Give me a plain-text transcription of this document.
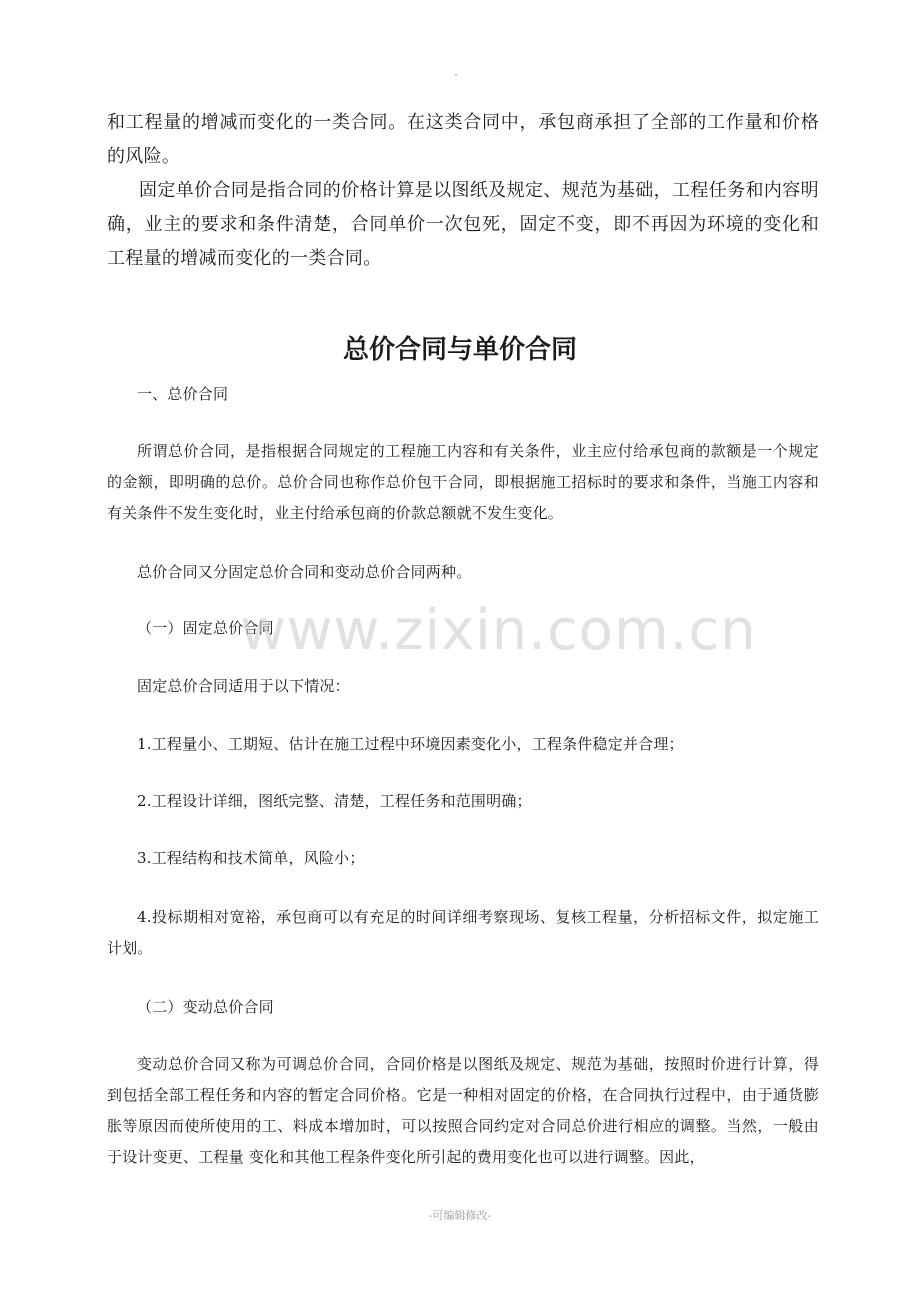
和工程量的增减而变化的一类合同。在这类合同中，承包商承担了全部的工作量和价格的风险。

固定单价合同是指合同的价格计算是以图纸及规定、规范为基础，工程任务和内容明确，业主的要求和条件清楚，合同单价一次包死，固定不变，即不再因为环境的变化和工程量的增减而变化的一类合同。

总价合同与单价合同

一、总价合同

所谓总价合同，是指根据合同规定的工程施工内容和有关条件，业主应付给承包商的款额是一个规定的金额，即明确的总价。总价合同也称作总价包干合同，即根据施工招标时的要求和条件，当施工内容和有关条件不发生变化时，业主付给承包商的价款总额就不发生变化。

总价合同又分固定总价合同和变动总价合同两种。

（一）固定总价合同

固定总价合同适用于以下情况：

1.工程量小、工期短、估计在施工过程中环境因素变化小，工程条件稳定并合理；

2.工程设计详细，图纸完整、清楚，工程任务和范围明确；

3.工程结构和技术简单，风险小；

4.投标期相对宽裕，承包商可以有充足的时间详细考察现场、复核工程量，分析招标文件，拟定施工计划。

（二）变动总价合同

变动总价合同又称为可调总价合同，合同价格是以图纸及规定、规范为基础，按照时价进行计算，得到包括全部工程任务和内容的暂定合同价格。它是一种相对固定的价格，在合同执行过程中，由于通货膨胀等原因而使所使用的工、料成本增加时，可以按照合同约定对合同总价进行相应的调整。当然，一般由于设计变更、工程量 变化和其他工程条件变化所引起的费用变化也可以进行调整。因此，

www.zixin.com.cn

-可编辑修改-
